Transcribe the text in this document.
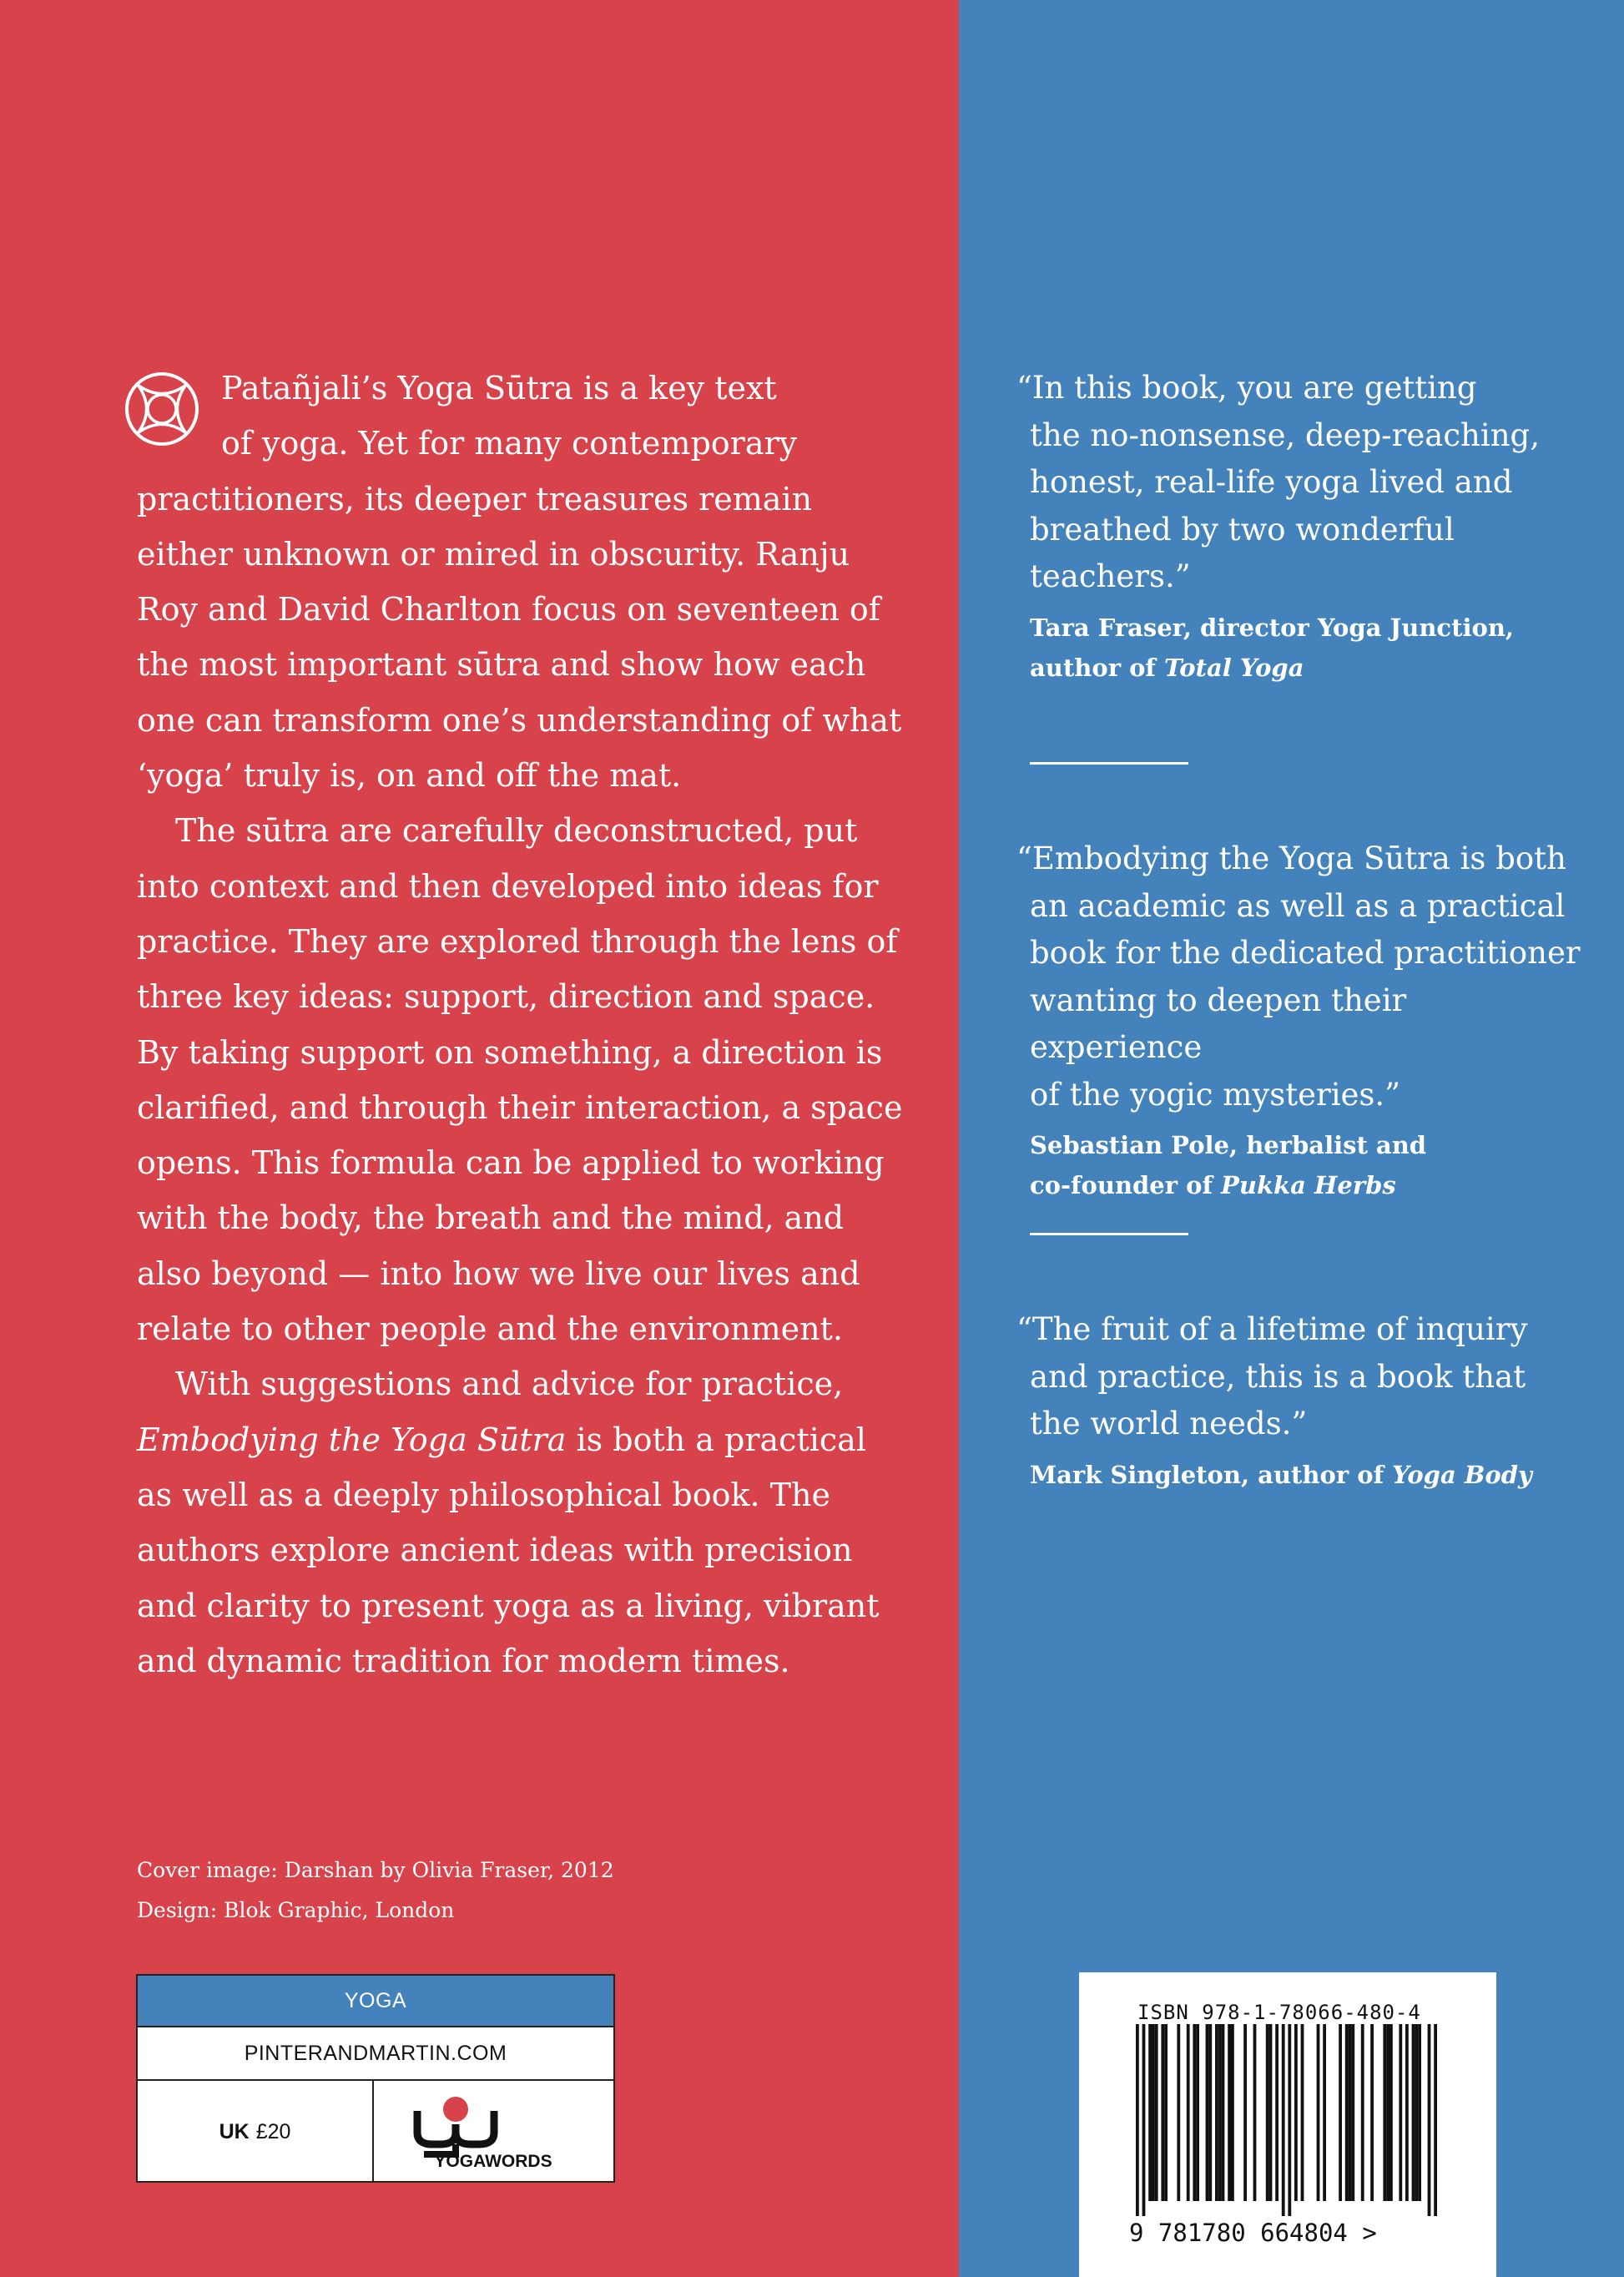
Patañjali’s Yoga Sūtra is a key text

of yoga. Yet for many contemporary

practitioners, its deeper treasures remain either unknown or mired in obscurity. Ranju Roy and David Charlton focus on seventeen of the most important sūtra and show how each one can transform one’s understanding of what ‘yoga’ truly is, on and off the mat.

The sūtra are carefully deconstructed, put into context and then developed into ideas for practice. They are explored through the lens of three key ideas: support, direction and space. By taking support on something, a direction is clarified, and through their interaction, a space opens. This formula can be applied to working with the body, the breath and the mind, and also beyond — into how we live our lives and relate to other people and the environment.

With suggestions and advice for practice, Embodying the Yoga Sūtra is both a practical as well as a deeply philosophical book. The authors explore ancient ideas with precision and clarity to present yoga as a living, vibrant and dynamic tradition for modern times.

Cover image: Darshan by Olivia Fraser, 2012
Design: Blok Graphic, London
YOGA
PINTERANDMARTIN.COM
UK £20
YOGAWORDS
“In this book, you are getting
the no-nonsense, deep-reaching,
honest, real-life yoga lived and
breathed by two wonderful
teachers.”
Tara Fraser, director Yoga Junction,
author of Total Yoga
“Embodying the Yoga Sūtra is both
an academic as well as a practical
book for the dedicated practitioner
wanting to deepen their experience
of the yogic mysteries.”
Sebastian Pole, herbalist and
co-founder of Pukka Herbs
“The fruit of a lifetime of inquiry
and practice, this is a book that
the world needs.”
Mark Singleton, author of Yoga Body
ISBN 978-1-78066-480-4
9 781780 664804 >
